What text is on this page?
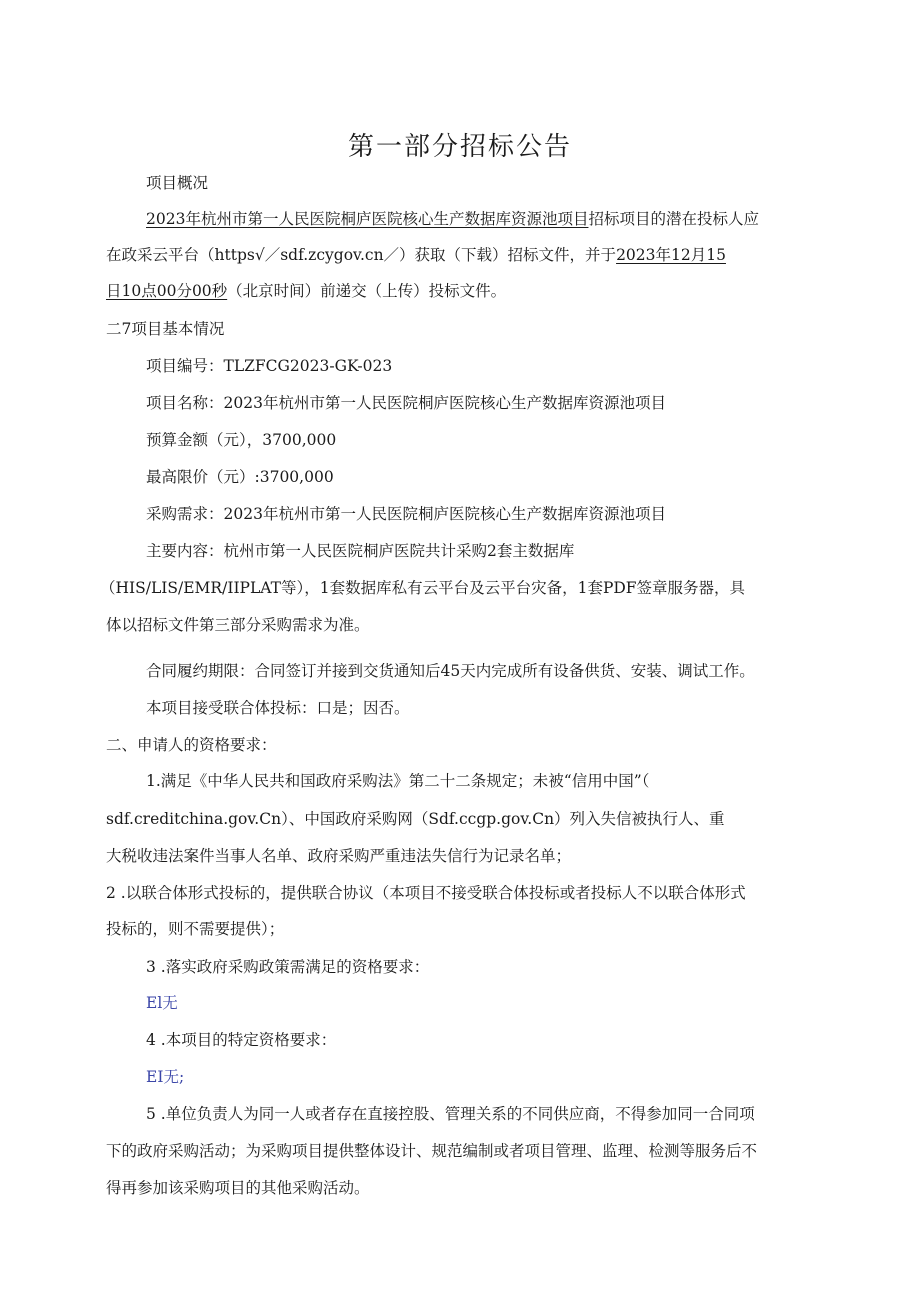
第一部分招标公告
项目概况
2023年杭州市第一人民医院桐庐医院核心生产数据库资源池项目招标项目的潜在投标人应
在政采云平台（https√／sdf.zcygov.cn／）获取（下载）招标文件，并于2023年12月15
日10点00分00秒（北京时间）前递交（上传）投标文件。
二7项目基本情况
项目编号：TLZFCG2023-GK-023
项目名称：2023年杭州市第一人民医院桐庐医院核心生产数据库资源池项目
预算金额（元），3700,000
最高限价（元）:3700,000
采购需求：2023年杭州市第一人民医院桐庐医院核心生产数据库资源池项目
主要内容：杭州市第一人民医院桐庐医院共计采购2套主数据库
（HIS/LIS/EMR/IIPLAT等），1套数据库私有云平台及云平台灾备，1套PDF签章服务器，具
体以招标文件第三部分采购需求为准。
合同履约期限：合同签订并接到交货通知后45天内完成所有设备供货、安装、调试工作。
本项目接受联合体投标：口是；因否。
二、申请人的资格要求：
1.满足《中华人民共和国政府采购法》第二十二条规定；未被“信用中国”（
sdf.creditchina.gov.Cn）、中国政府采购网（Sdf.ccgp.gov.Cn）列入失信被执行人、重
大税收违法案件当事人名单、政府采购严重违法失信行为记录名单；
2 .以联合体形式投标的，提供联合协议（本项目不接受联合体投标或者投标人不以联合体形式
投标的，则不需要提供）；
3 .落实政府采购政策需满足的资格要求：
El无
4 .本项目的特定资格要求：
EI无;
5 .单位负责人为同一人或者存在直接控股、管理关系的不同供应商，不得参加同一合同项
下的政府采购活动；为采购项目提供整体设计、规范编制或者项目管理、监理、检测等服务后不
得再参加该采购项目的其他采购活动。
